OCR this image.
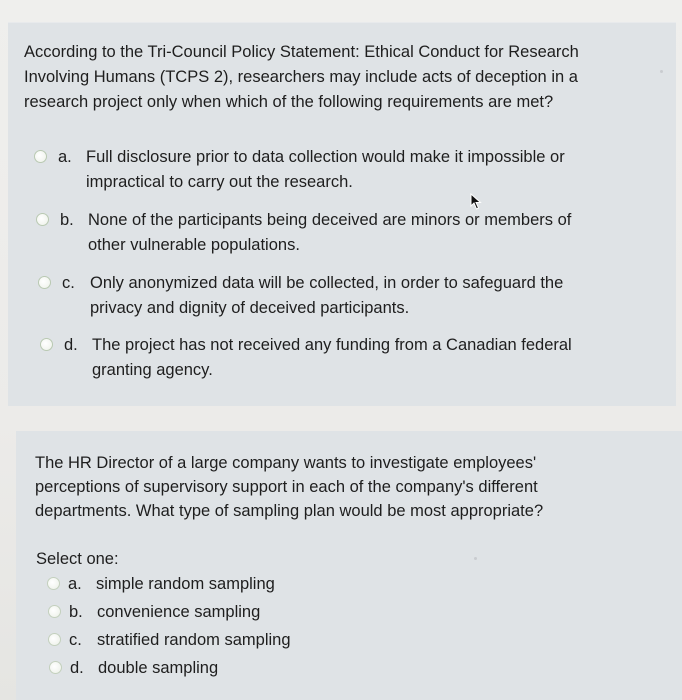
According to the Tri-Council Policy Statement: Ethical Conduct for Research Involving Humans (TCPS 2), researchers may include acts of deception in a research project only when which of the following requirements are met?
a. Full disclosure prior to data collection would make it impossible or impractical to carry out the research.
b. None of the participants being deceived are minors or members of other vulnerable populations.
c. Only anonymized data will be collected, in order to safeguard the privacy and dignity of deceived participants.
d. The project has not received any funding from a Canadian federal granting agency.
The HR Director of a large company wants to investigate employees' perceptions of supervisory support in each of the company's different departments. What type of sampling plan would be most appropriate?
Select one:
a. simple random sampling
b. convenience sampling
c. stratified random sampling
d. double sampling
